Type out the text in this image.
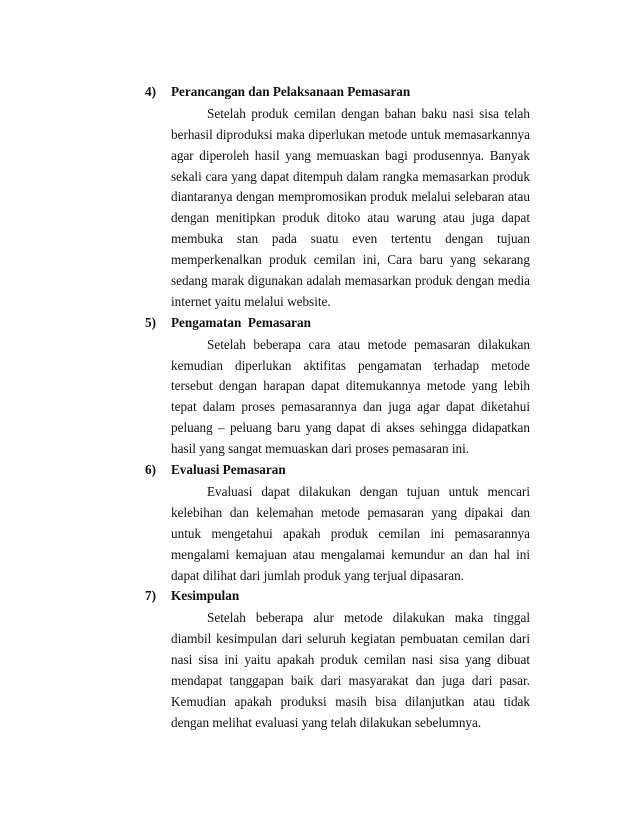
4)	Perancangan dan Pelaksanaan Pemasaran

Setelah produk cemilan dengan bahan baku nasi sisa telah berhasil diproduksi maka diperlukan metode untuk memasarkannya agar diperoleh hasil yang memuaskan bagi produsennya. Banyak sekali cara yang dapat ditempuh dalam rangka memasarkan produk diantaranya dengan mempromosikan produk melalui selebaran atau dengan menitipkan produk ditoko atau warung atau juga dapat membuka stan pada suatu even tertentu dengan tujuan memperkenalkan produk cemilan ini, Cara baru yang sekarang sedang marak digunakan adalah memasarkan produk dengan media internet yaitu melalui website.

5)	Pengamatan  Pemasaran

Setelah beberapa cara atau metode pemasaran dilakukan kemudian diperlukan aktifitas pengamatan terhadap metode tersebut dengan harapan dapat ditemukannya metode yang lebih tepat dalam proses pemasarannya dan juga agar dapat diketahui peluang – peluang baru yang dapat di akses sehingga didapatkan hasil yang sangat memuaskan dari proses pemasaran ini.

6)	Evaluasi Pemasaran

Evaluasi dapat dilakukan dengan tujuan untuk mencari kelebihan dan kelemahan metode pemasaran yang dipakai dan untuk mengetahui apakah produk cemilan ini pemasarannya mengalami kemajuan atau mengalamai kemundur an dan hal ini dapat dilihat dari jumlah produk yang terjual dipasaran.

7)	Kesimpulan

Setelah beberapa alur metode dilakukan maka tinggal diambil kesimpulan dari seluruh kegiatan pembuatan cemilan dari nasi sisa ini yaitu apakah produk cemilan nasi sisa yang dibuat mendapat tanggapan baik dari masyarakat dan juga dari pasar. Kemudian apakah produksi masih bisa dilanjutkan atau tidak dengan melihat evaluasi yang telah dilakukan sebelumnya.
